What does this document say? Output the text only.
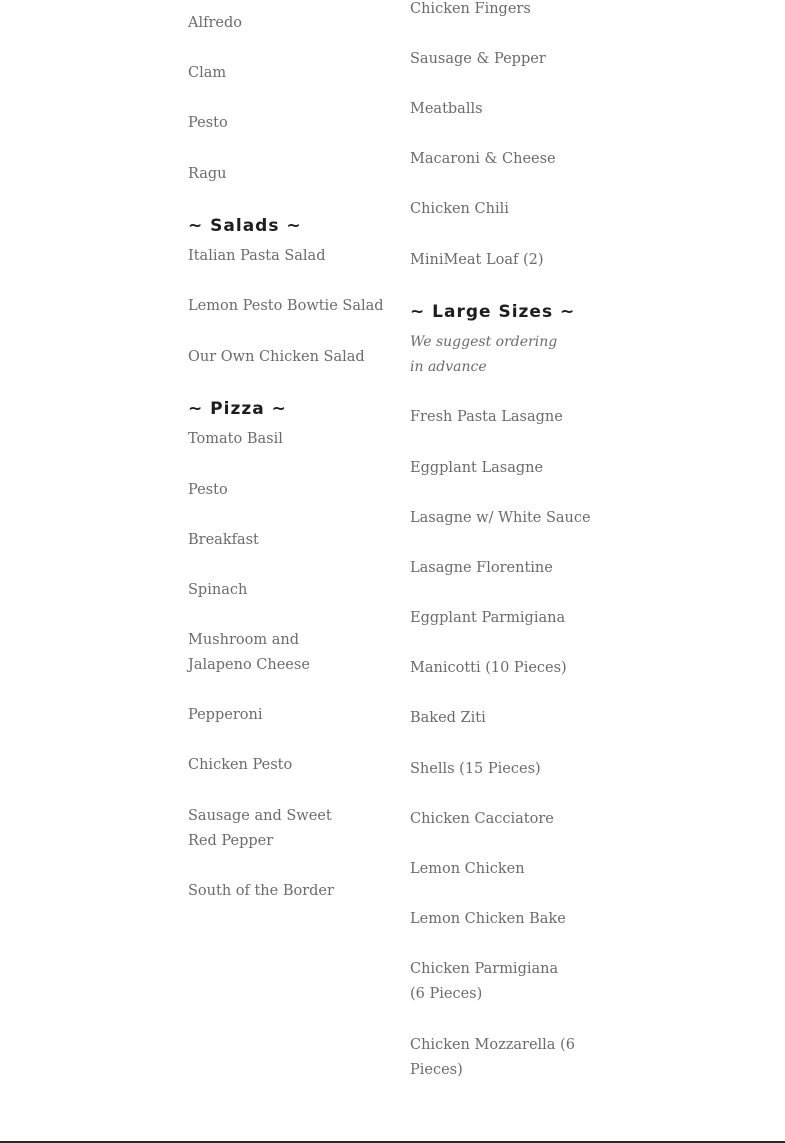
Alfredo
Clam
Pesto
Ragu
~ Salads ~
Italian Pasta Salad
Lemon Pesto Bowtie Salad
Our Own Chicken Salad
~ Pizza ~
Tomato Basil
Pesto
Breakfast
Spinach
Mushroom and Jalapeno Cheese
Pepperoni
Chicken Pesto
Sausage and Sweet Red Pepper
South of the Border
Chicken Fingers
Sausage & Pepper
Meatballs
Macaroni & Cheese
Chicken Chili
MiniMeat Loaf (2)
~ Large Sizes ~
We suggest ordering in advance
Fresh Pasta Lasagne
Eggplant Lasagne
Lasagne w/ White Sauce
Lasagne Florentine
Eggplant Parmigiana
Manicotti (10 Pieces)
Baked Ziti
Shells (15 Pieces)
Chicken Cacciatore
Lemon Chicken
Lemon Chicken Bake
Chicken Parmigiana (6 Pieces)
Chicken Mozzarella (6 Pieces)
